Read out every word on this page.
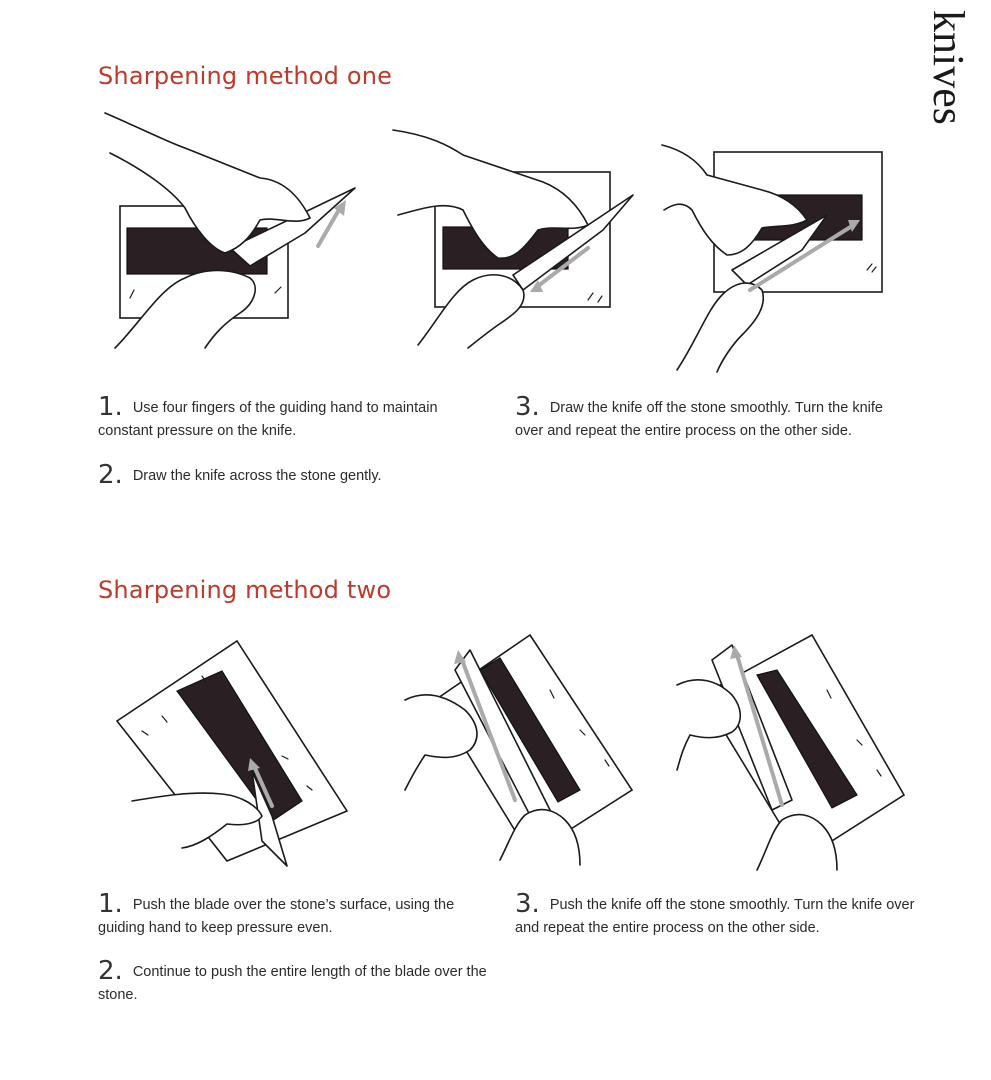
knives
Sharpening method one
1. Use four fingers of the guiding hand to maintain constant pressure on the knife.
2. Draw the knife across the stone gently.
3. Draw the knife off the stone smoothly. Turn the knife over and repeat the entire process on the other side.
Sharpening method two
1. Push the blade over the stone’s surface, using the guiding hand to keep pressure even.
2. Continue to push the entire length of the blade over the stone.
3. Push the knife off the stone smoothly. Turn the knife over and repeat the entire process on the other side.
